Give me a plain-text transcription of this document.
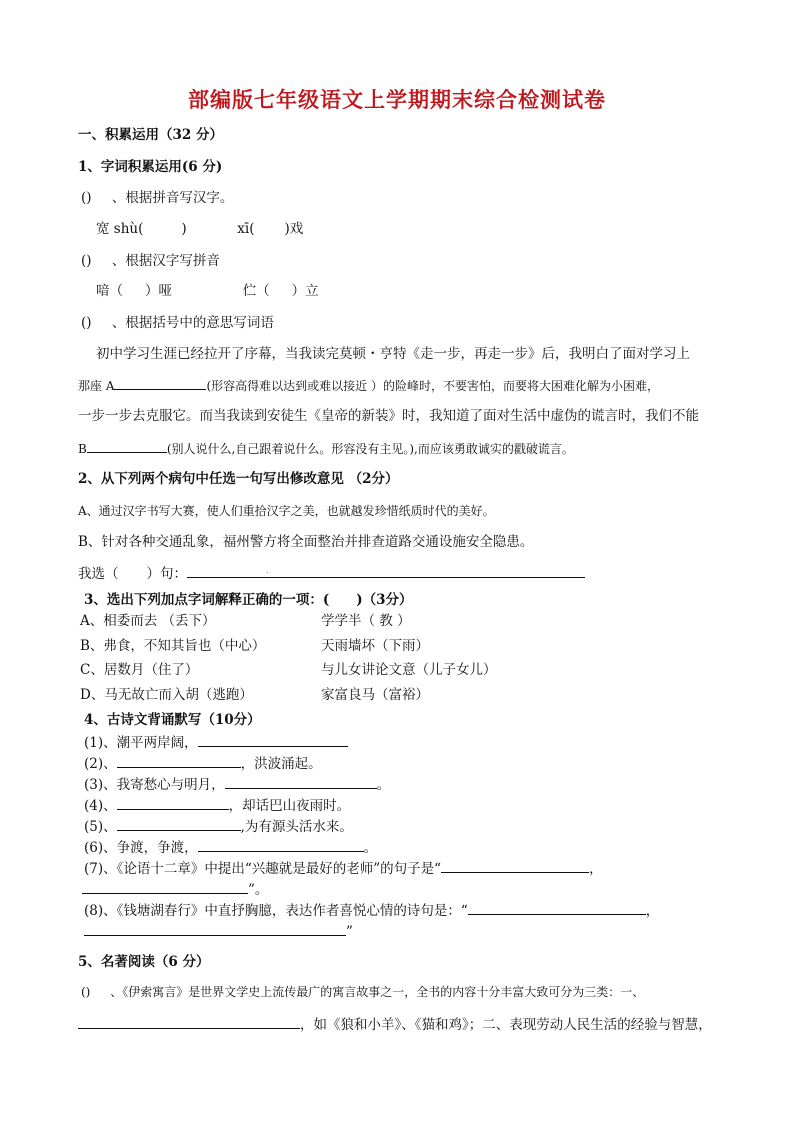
部编版七年级语文上学期期末综合检测试卷
一、积累运用（32 分）
1、字词积累运用(6 分)
() 、根据拼音写汉字。
宽 shù(	)	xī( )戏
() 、根据汉字写拼音
喑（ ）哑	伫（ ）立
() 、根据括号中的意思写词语
初中学习生涯已经拉开了序幕，当我读完莫顿・亨特《走一步，再走一步》后，我明白了面对学习上
那座 A	(形容高得难以达到或难以接近 ）的险峰时，不要害怕，而要将大困难化解为小困难，
一步一步去克服它。而当我读到安徒生《皇帝的新装》时，我知道了面对生活中虚伪的谎言时，我们不能
B	(别人说什么,自己跟着说什么。形容没有主见。),而应该勇敢诚实的戳破谎言。
2、从下列两个病句中任选一句写出修改意见 （2分）
A、通过汉字书写大赛，使人们重拾汉字之美，也就越发珍惜纸质时代的美好。
B、针对各种交通乱象，福州警方将全面整治并排查道路交通设施安全隐患。
我选（ ）句：	.
3、选出下列加点字词解释正确的一项：(　　)（3分）
A、相委而去 （丢下）	学学半（ 教 ）
B、弗食，不知其旨也（中心）	天雨墙坏（下雨）
C、居数月（住了）	与儿女讲论文意（儿子女儿）
D、马无故亡而入胡（逃跑）	家富良马（富裕）
4、古诗文背诵默写（10分）
(1)、潮平两岸阔，
(2)、	，洪波涌起。
(3)、我寄愁心与明月，	。
(4)、	，却话巴山夜雨时。
(5)、	,为有源头活水来。
(6)、争渡，争渡，	。
(7)、《论语十二章》中提出“兴趣就是最好的老师”的句子是“	，
”。
(8)、《钱塘湖春行》中直抒胸臆，表达作者喜悦心情的诗句是：“	，
”
5、名著阅读（6 分）
() 、《伊索寓言》是世界文学史上流传最广的寓言故事之一，全书的内容十分丰富大致可分为三类：一、
，如《狼和小羊》、《猫和鸡》；二、表现劳动人民生活的经验与智慧，
